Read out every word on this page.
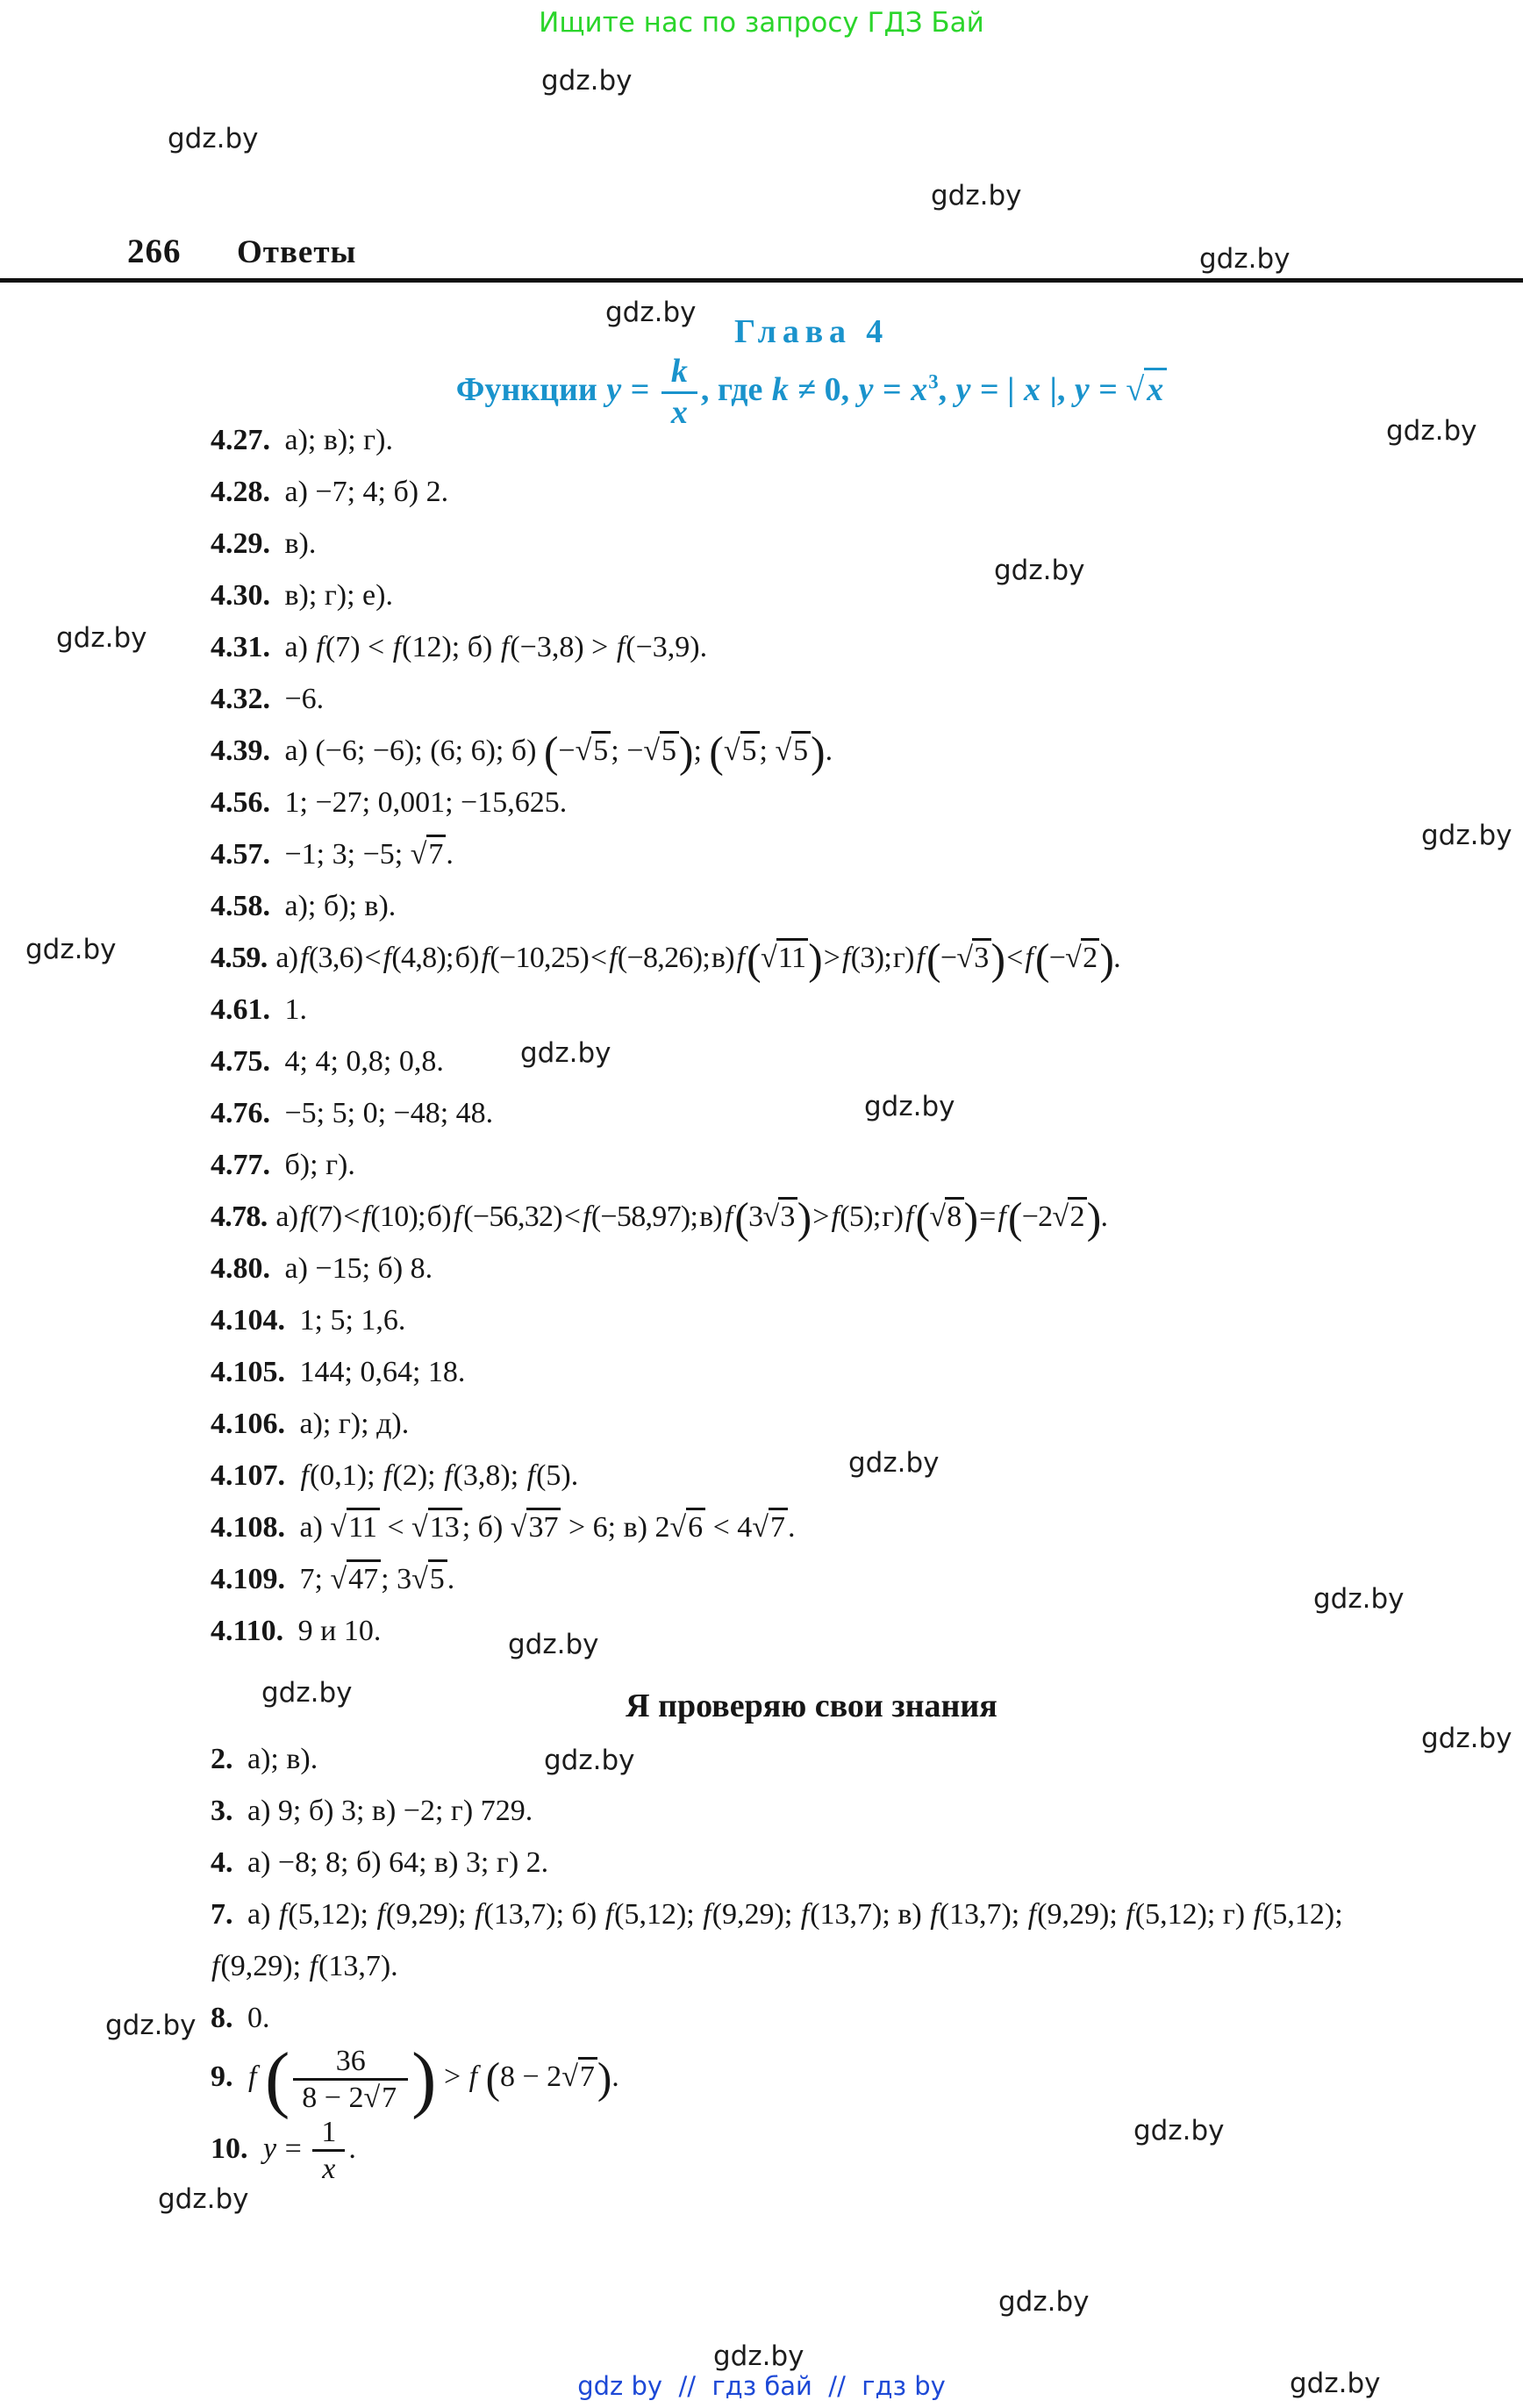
Ищите нас по запросу ГДЗ Бай
gdz.by
gdz.by
gdz.by
gdz.by
gdz.by
gdz.by
gdz.by
gdz.by
gdz.by
gdz.by
gdz.by
gdz.by
gdz.by
gdz.by
gdz.by
gdz.by
gdz.by
gdz.by
gdz.by
gdz.by
gdz.by
gdz.by
gdz.by
gdz.by
266 Ответы
Глава 4
Функции $y = \frac{k}{x}$ , где k ≠ 0, $y = x^3$, y = | x |, y = √x

4.27. а); в); г).

4.28. а) −7; 4; б) 2.

4.29. в).

4.30. в); г); е).

4.31. а) f(7) < f(12); б) f(−3,8) > f(−3,9).

4.32. −6.

4.39. а) (−6; −6); (6; 6); б) (−√5; −√5); (√5; √5).

4.56. 1; −27; 0,001; −15,625.

4.57. −1; 3; −5; √7.

4.58. а); б); в).

4.59. а) f(3,6) < f(4,8); б) f(−10,25) < f(−8,26); в) f (√11) > f(3); г) f (−√3) < f (−√2).

4.61. 1.

4.75. 4; 4; 0,8; 0,8.

4.76. −5; 5; 0; −48; 48.

4.77. б); г).

4.78. а) f(7) < f(10); б) f (−56,32) < f(−58,97); в) f (3√3) > f(5); г) f (√8) = f (−2√2).

4.80. а) −15; б) 8.

4.104. 1; 5; 1,6.

4.105. 144; 0,64; 18.

4.106. а); г); д).

4.107. f(0,1); f(2); f(3,8); f(5).

4.108. а) √11 < √13; б) √37 > 6; в) 2√6 < 4√7.

4.109. 7; √47; 3√5.

4.110. 9 и 10.

Я проверяю свои знания

2. а); в).

3. а) 9; б) 3; в) −2; г) 729.

4. а) −8; 8; б) 64; в) 3; г) 2.

7. а) f(5,12); f(9,29); f(13,7); б) f(5,12); f(9,29); f(13,7); в) f(13,7); f(9,29); f(5,12); г) f(5,12); f(9,29); f(13,7).

8. 0.

9. f ( $\frac{36}{8 - 2√7}$ ) > f (8 − 2√7).

10. $y = \frac{1}{x}$ .

gdz by  //  гдз бай  //  гдз by
